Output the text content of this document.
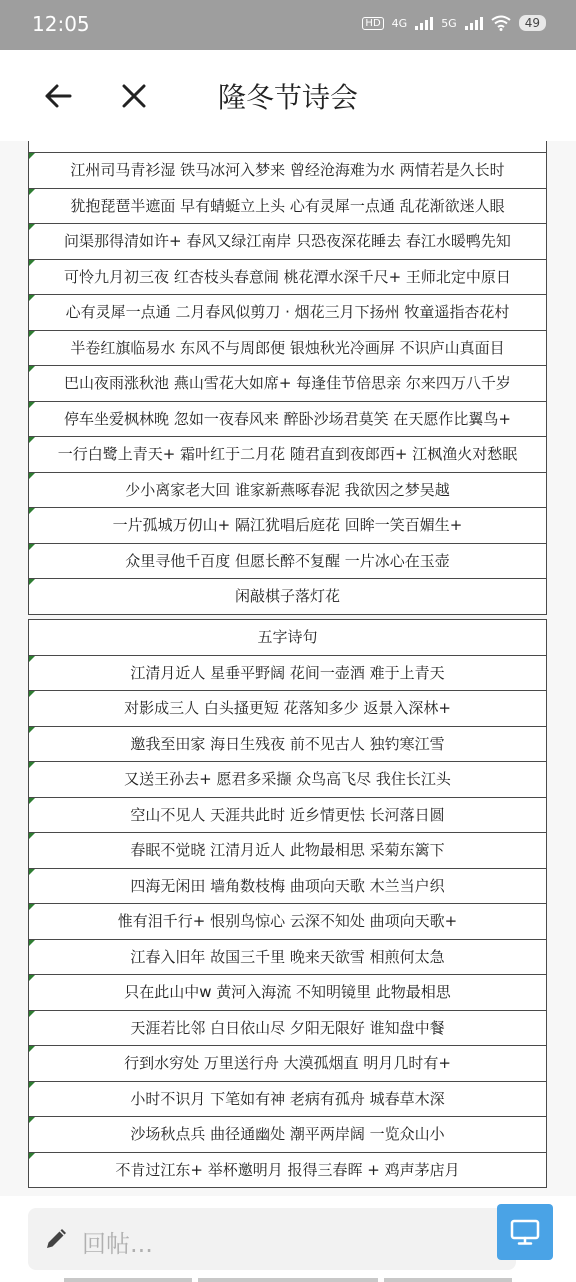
12:05	HD 4G	5G	49
隆冬节诗会
江州司马青衫湿 铁马冰河入梦来 曾经沧海难为水 两情若是久长时
犹抱琵琶半遮面 早有蜻蜓立上头 心有灵犀一点通 乱花渐欲迷人眼
问渠那得清如许+ 春风又绿江南岸 只恐夜深花睡去 春江水暖鸭先知
可怜九月初三夜 红杏枝头春意闹 桃花潭水深千尺+ 王师北定中原日
心有灵犀一点通 二月春风似剪刀 · 烟花三月下扬州 牧童遥指杏花村
半卷红旗临易水 东风不与周郎便 银烛秋光冷画屏 不识庐山真面目
巴山夜雨涨秋池 燕山雪花大如席+ 每逢佳节倍思亲 尔来四万八千岁
停车坐爱枫林晚 忽如一夜春风来 醉卧沙场君莫笑 在天愿作比翼鸟+
一行白鹭上青天+ 霜叶红于二月花 随君直到夜郎西+ 江枫渔火对愁眠
少小离家老大回 谁家新燕啄春泥 我欲因之梦吴越
一片孤城万仞山+ 隔江犹唱后庭花 回眸一笑百媚生+
众里寻他千百度 但愿长醉不复醒 一片冰心在玉壶
闲敲棋子落灯花
五字诗句
江清月近人 星垂平野阔 花间一壶酒 难于上青天
对影成三人 白头搔更短 花落知多少 返景入深林+
邀我至田家 海日生残夜 前不见古人 独钓寒江雪
又送王孙去+ 愿君多采撷 众鸟高飞尽 我住长江头
空山不见人 天涯共此时 近乡情更怯 长河落日圆
春眠不觉晓 江清月近人 此物最相思 采菊东篱下
四海无闲田 墙角数枝梅 曲项向天歌 木兰当户织
惟有泪千行+ 恨别鸟惊心 云深不知处 曲项向天歌+
江春入旧年 故国三千里 晚来天欲雪 相煎何太急
只在此山中w 黄河入海流 不知明镜里 此物最相思
天涯若比邻 白日依山尽 夕阳无限好 谁知盘中餐
行到水穷处 万里送行舟 大漠孤烟直 明月几时有+
小时不识月 下笔如有神 老病有孤舟 城春草木深
沙场秋点兵 曲径通幽处 潮平两岸阔 一览众山小
不肯过江东+ 举杯邀明月 报得三春晖 + 鸡声茅店月
回帖...
